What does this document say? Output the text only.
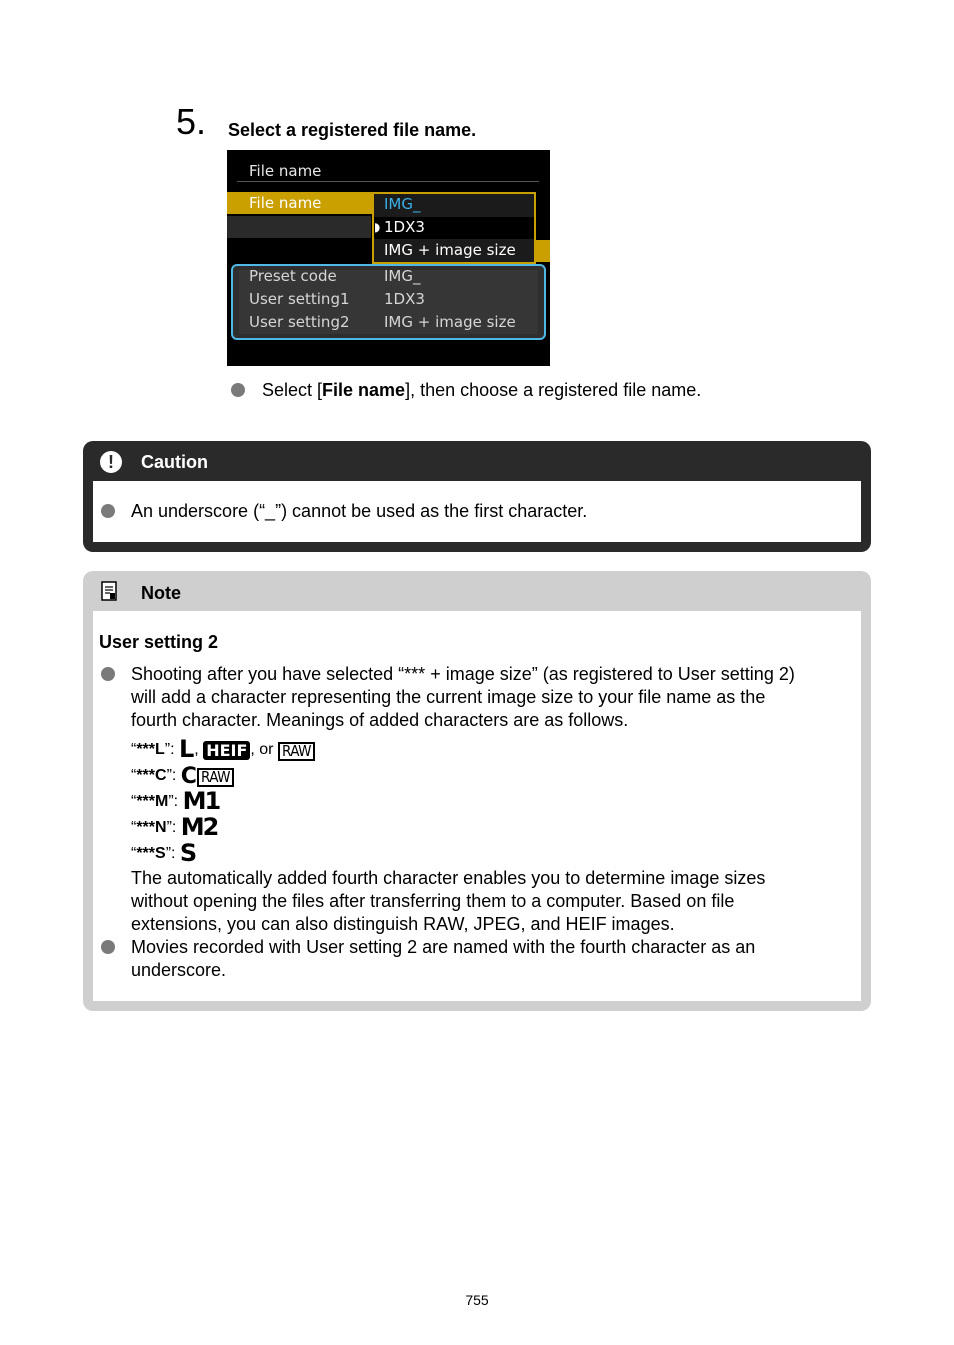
5. Select a registered file name.
File name
File name	IMG_
◗ 1DX3
IMG + image size
Preset code	IMG_
User setting1 1DX3
User setting2 IMG + image size
Select [File name], then choose a registered file name.
!	Caution
An underscore (“_”) cannot be used as the first character.
Note
User setting 2
Shooting after you have selected “*** + image size” (as registered to User setting 2)
will add a character representing the current image size to your file name as the
fourth character. Meanings of added characters are as follows.
“***L”: L, HEIF , or RAW
“***C”: C RAW
“***M”: M1
“***N”: M2
“***S”: S
The automatically added fourth character enables you to determine image sizes
without opening the files after transferring them to a computer. Based on file
extensions, you can also distinguish RAW, JPEG, and HEIF images.
Movies recorded with User setting 2 are named with the fourth character as an
underscore.
755
